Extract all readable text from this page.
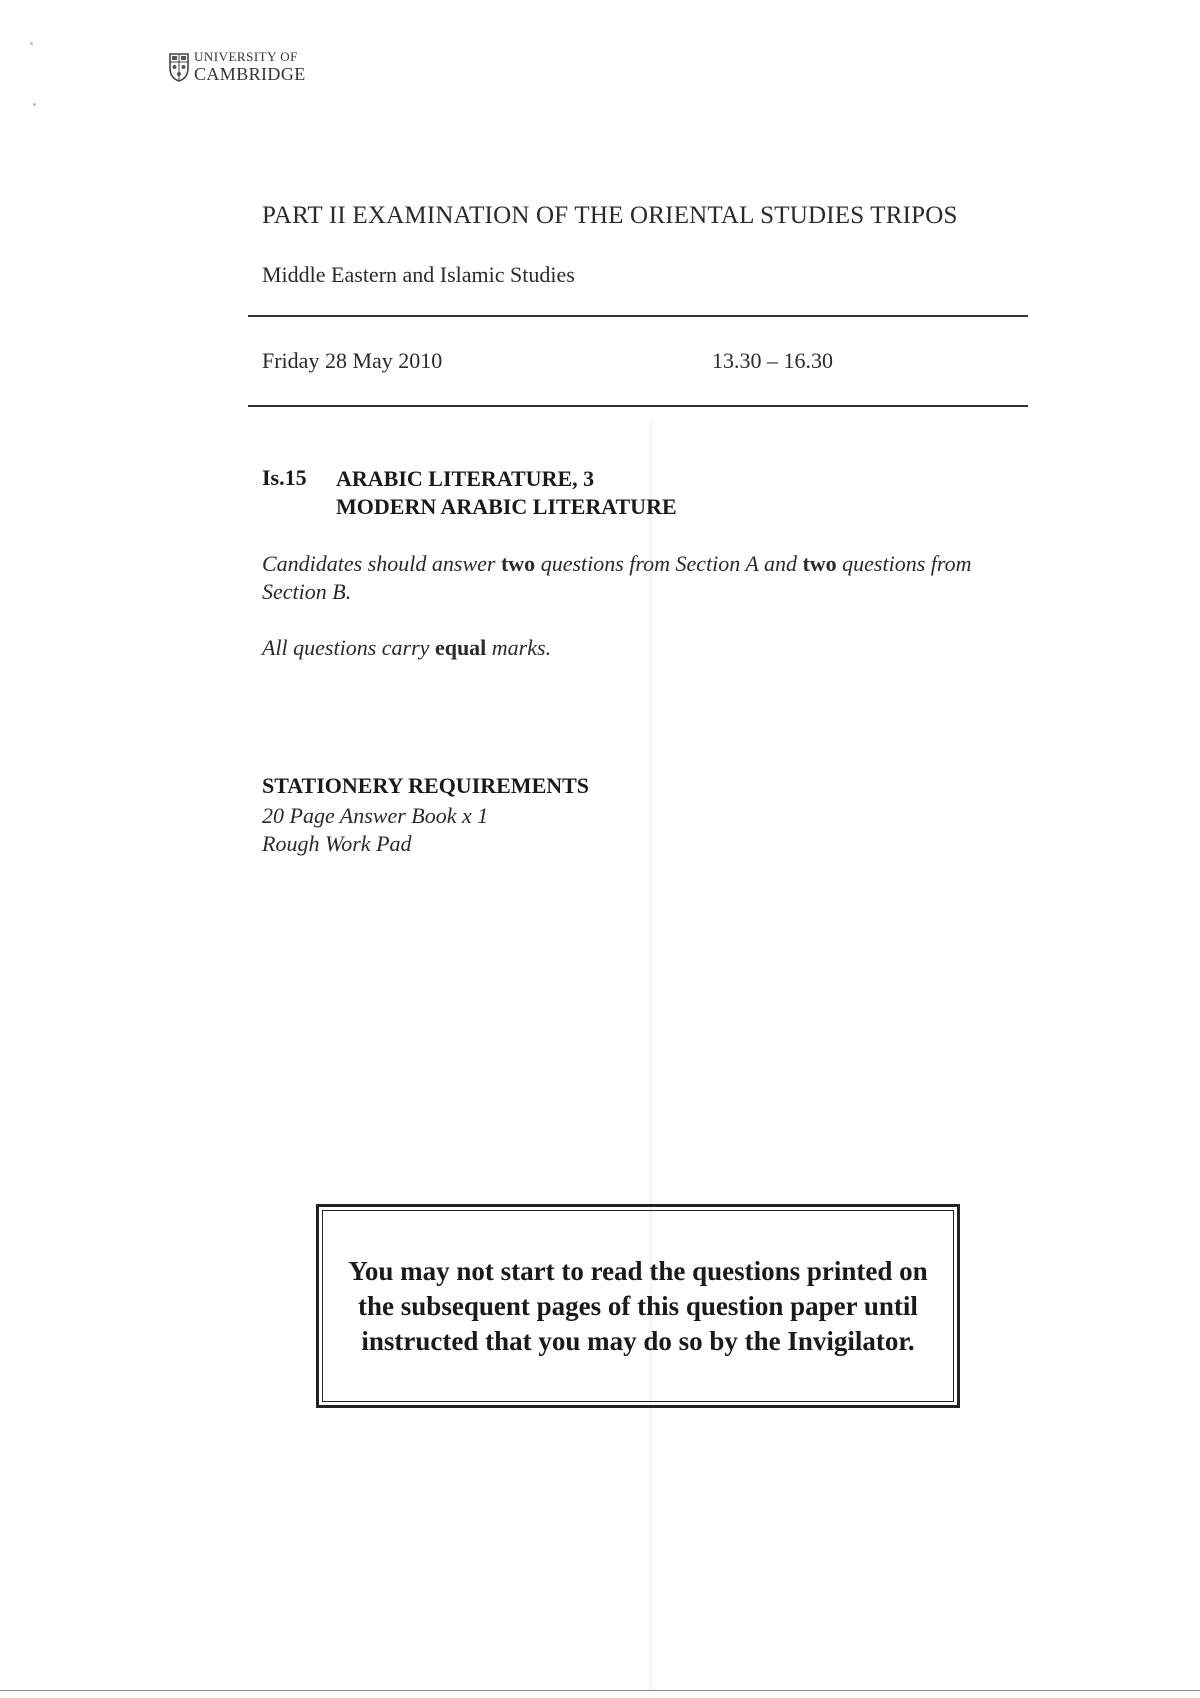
UNIVERSITY OF
CAMBRIDGE
PART II EXAMINATION OF THE ORIENTAL STUDIES TRIPOS
Middle Eastern and Islamic Studies
Friday 28 May 2010	13.30 – 16.30
Is.15 ARABIC LITERATURE, 3
MODERN ARABIC LITERATURE

Candidates should answer two questions from Section A and two questions from Section B.

All questions carry equal marks.

STATIONERY REQUIREMENTS
20 Page Answer Book x 1
Rough Work Pad
You may not start to read the questions printed on the subsequent pages of this question paper until instructed that you may do so by the Invigilator.
